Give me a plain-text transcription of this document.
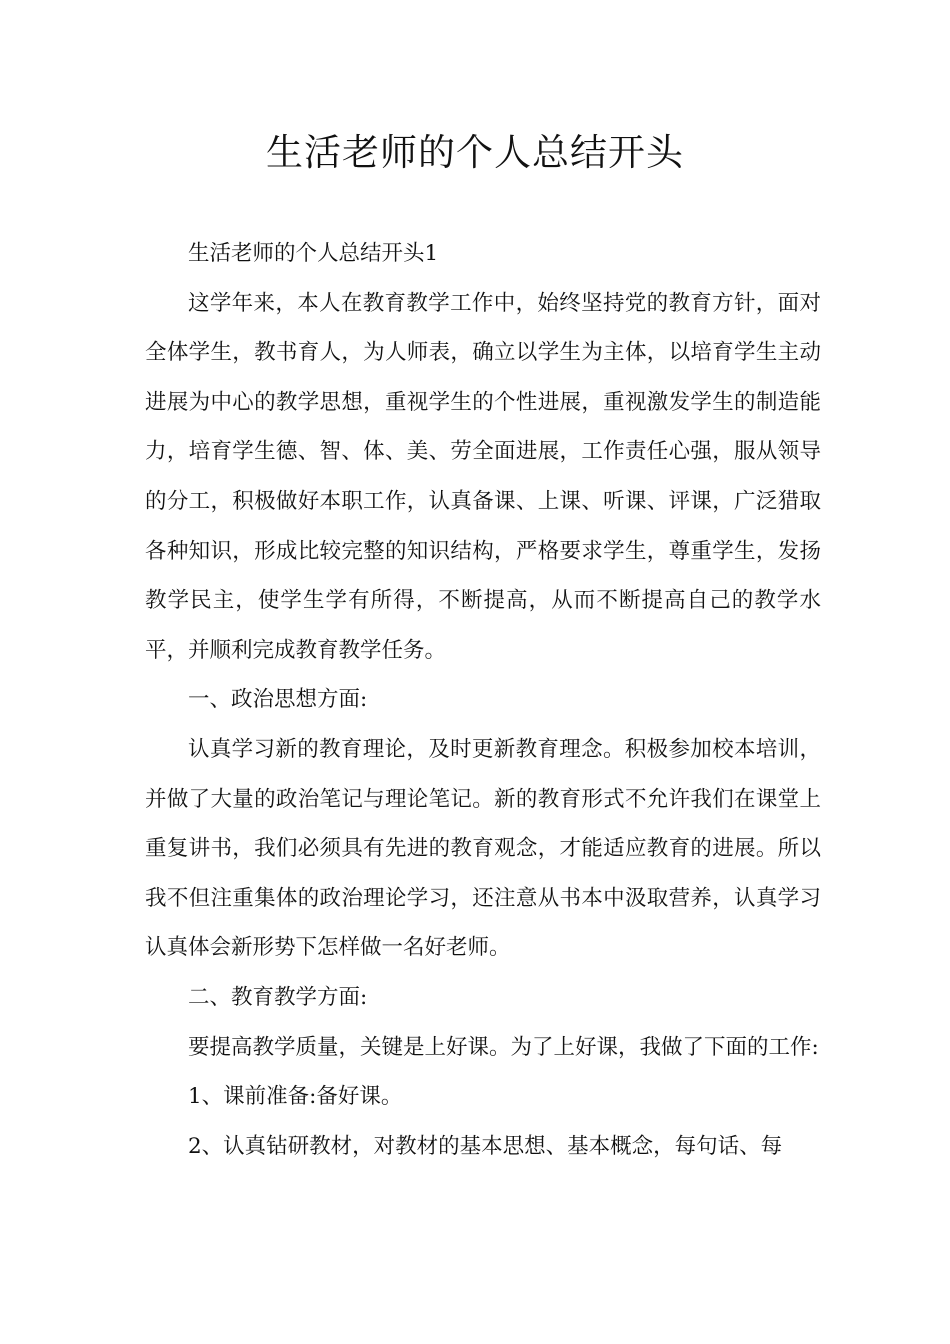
生活老师的个人总结开头

生活老师的个人总结开头1

这学年来，本人在教育教学工作中，始终坚持党的教育方针，面对全体学生，教书育人，为人师表，确立以学生为主体，以培育学生主动进展为中心的教学思想，重视学生的个性进展，重视激发学生的制造能力，培育学生德、智、体、美、劳全面进展，工作责任心强，服从领导的分工，积极做好本职工作，认真备课、上课、听课、评课，广泛猎取各种知识，形成比较完整的知识结构，严格要求学生，尊重学生，发扬教学民主，使学生学有所得，不断提高，从而不断提高自己的教学水平，并顺利完成教育教学任务。

一、政治思想方面:

认真学习新的教育理论，及时更新教育理念。积极参加校本培训，并做了大量的政治笔记与理论笔记。新的教育形式不允许我们在课堂上重复讲书，我们必须具有先进的教育观念，才能适应教育的进展。所以我不但注重集体的政治理论学习，还注意从书本中汲取营养，认真学习认真体会新形势下怎样做一名好老师。

二、教育教学方面:

要提高教学质量，关键是上好课。为了上好课，我做了下面的工作:

1、课前准备:备好课。

2、认真钻研教材，对教材的基本思想、基本概念，每句话、每
